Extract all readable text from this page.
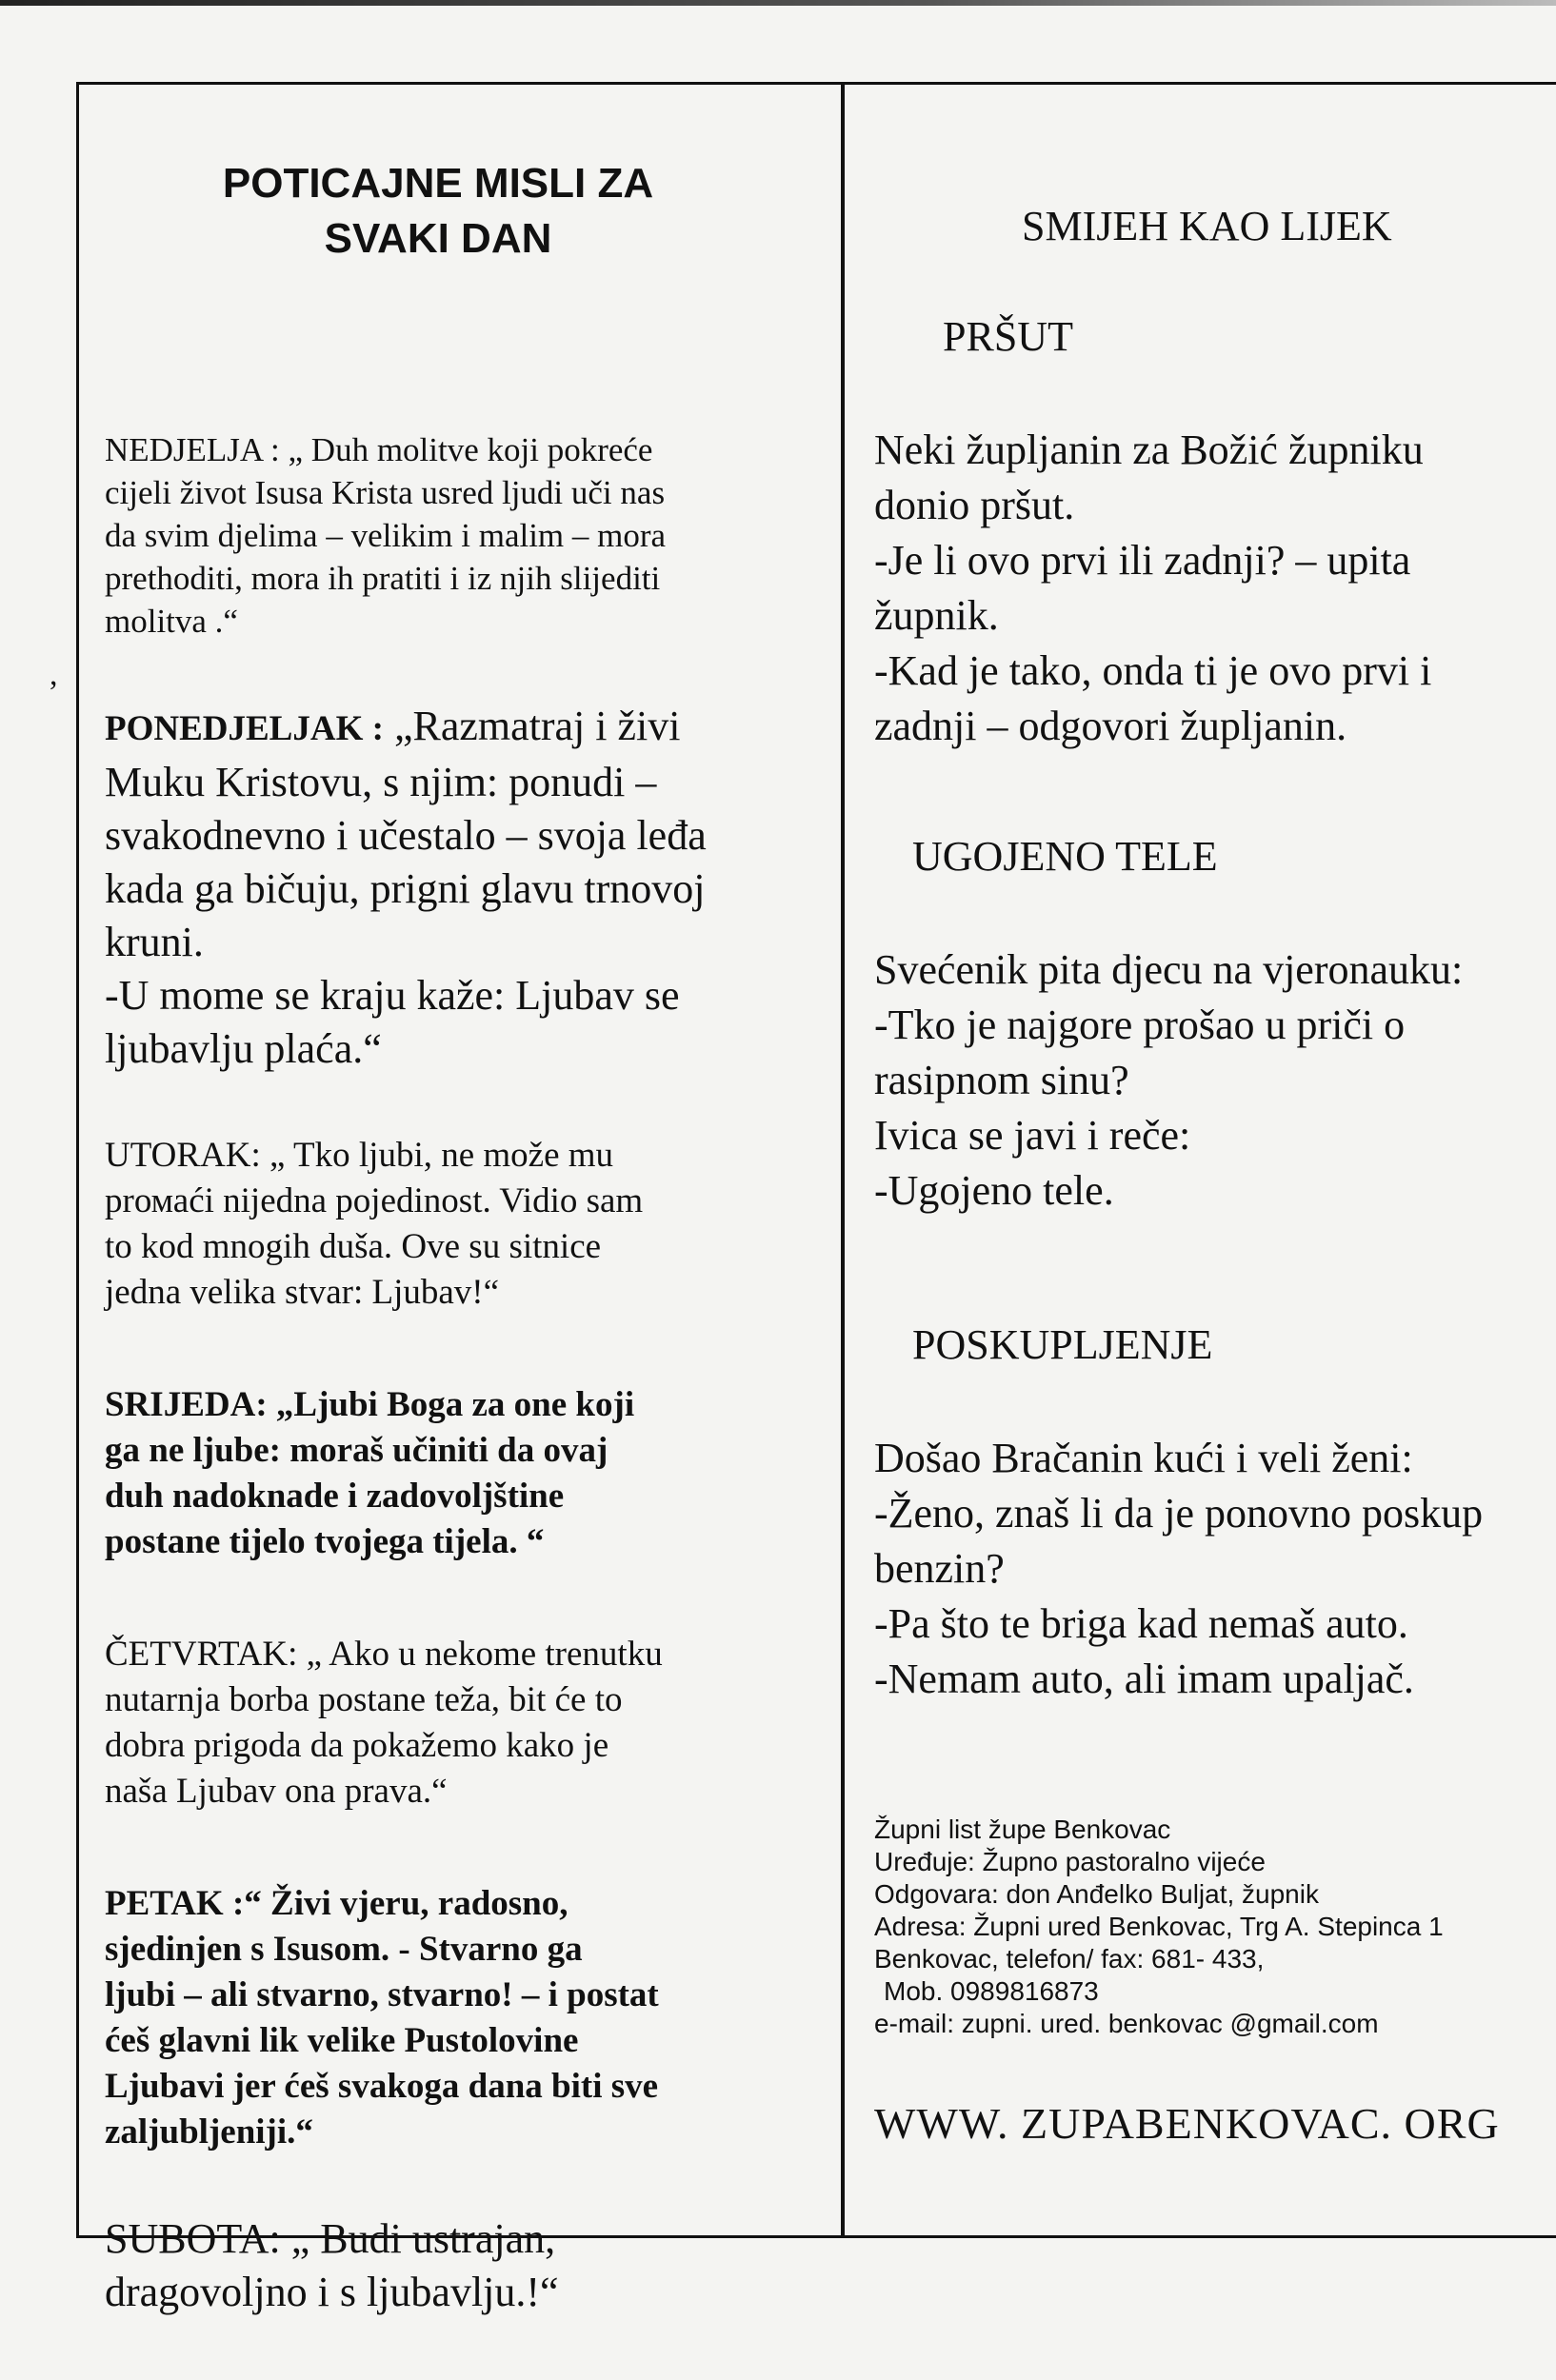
,
POTICAJNE MISLI ZA
SVAKI DAN

NEDJELJA : „ Duh molitve koji pokreće
cijeli život Isusa Krista usred ljudi uči nas
da svim djelima – velikim i malim – mora
prethoditi, mora ih pratiti i iz njih slijediti
molitva .“

PONEDJELJAK : „Razmatraj i živi
Muku Kristovu, s njim: ponudi –
svakodnevno i učestalo – svoja leđa
kada ga bičuju, prigni glavu trnovoj
kruni.
-U mome se kraju kaže: Ljubav se
ljubavlju plaća.“

UTORAK: „ Tko ljubi, ne može mu
prомаći nijedna pojedinost. Vidio sam
to kod mnogih duša. Ove su sitnice
jedna velika stvar: Ljubav!“

SRIJEDA: „Ljubi Boga za one koji
ga ne ljube: moraš učiniti da ovaj
duh nadoknade i zadovoljštine
postane tijelo tvojega tijela. “

ČETVRTAK: „ Ako u nekome trenutku
nutarnja borba postane teža, bit će to
dobra prigoda da pokažemo kako je
naša Ljubav ona prava.“

PETAK :“ Živi vjeru, radosno,
sjedinjen s Isusom. - Stvarno ga
ljubi – ali stvarno, stvarno! – i postat
ćeš glavni lik velike Pustolovine
Ljubavi jer ćeš svakoga dana biti sve
zaljubljeniji.“

SUBOTA: „ Budi ustrajan,
dragovoljno i s ljubavlju.!“

SMIJEH KAO LIJEK
PRŠUT
Neki župljanin za Božić župniku
donio pršut.
-Je li ovo prvi ili zadnji? – upita
župnik.
-Kad je tako, onda ti je ovo prvi i
zadnji – odgovori župljanin.
UGOJENO TELE
Svećenik pita djecu na vjeronauku:
-Tko je najgore prošao u priči o
rasipnom sinu?
Ivica se javi i reče:
-Ugojeno tele.
POSKUPLJENJE
Došao Bračanin kući i veli ženi:
-Ženo, znaš li da je ponovno poskup
benzin?
-Pa što te briga kad nemaš auto.
-Nemam auto, ali imam upaljač.
Župni list župe Benkovac
Uređuje: Župno pastoralno vijeće
Odgovara: don Anđelko Buljat, župnik
Adresa: Župni ured Benkovac, Trg A. Stepinca 1
Benkovac, telefon/ fax: 681- 433,
Mob. 0989816873
e-mail: zupni. ured. benkovac @gmail.com
WWW. ZUPABENKOVAC. ORG
